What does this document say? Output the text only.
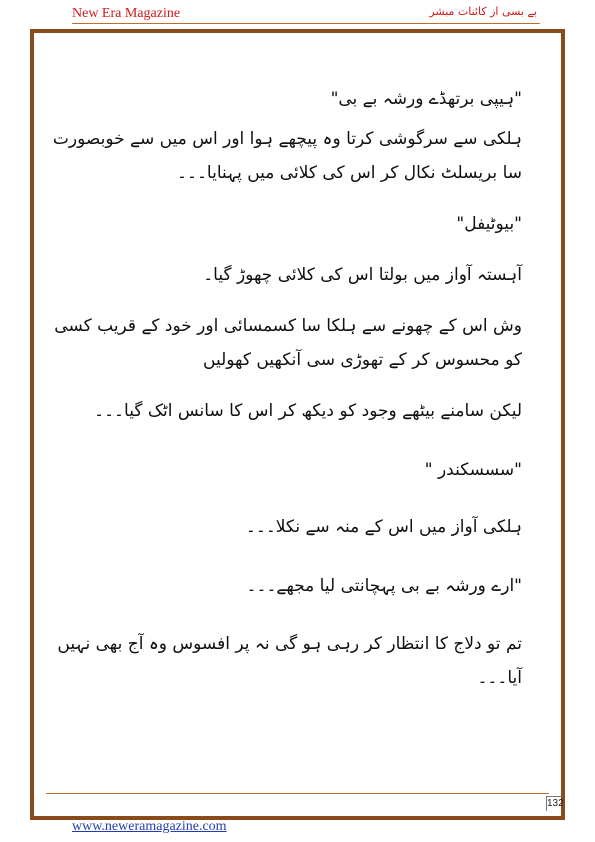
New Era Magazine	بے بسی از کائنات مبشر

"ہیپی برتھڈے ورشہ بے بی"

ہلکی سے سرگوشی کرتا وہ پیچھے ہوا اور اس میں سے خوبصورت سا بریسلٹ نکال کر اس کی کلائی میں پہنایا۔۔۔

"بیوٹیفل"

آہستہ آواز میں بولتا اس کی کلائی چھوڑ گیا۔

وش اس کے چھونے سے ہلکا سا کسمسائی اور خود کے قریب کسی کو محسوس کر کے تھوڑی سی آنکھیں کھولیں

لیکن سامنے بیٹھے وجود کو دیکھ کر اس کا سانس اٹک گیا۔۔۔

"سسسکندر "

ہلکی آواز میں اس کے منہ سے نکلا۔۔۔

"ارے ورشہ بے بی پہچانتی لیا مجھے۔۔۔

تم تو دلاج کا انتظار کر رہی ہو گی نہ پر افسوس وہ آج بھی نہیں آیا۔۔۔

132
www.neweramagazine.com
